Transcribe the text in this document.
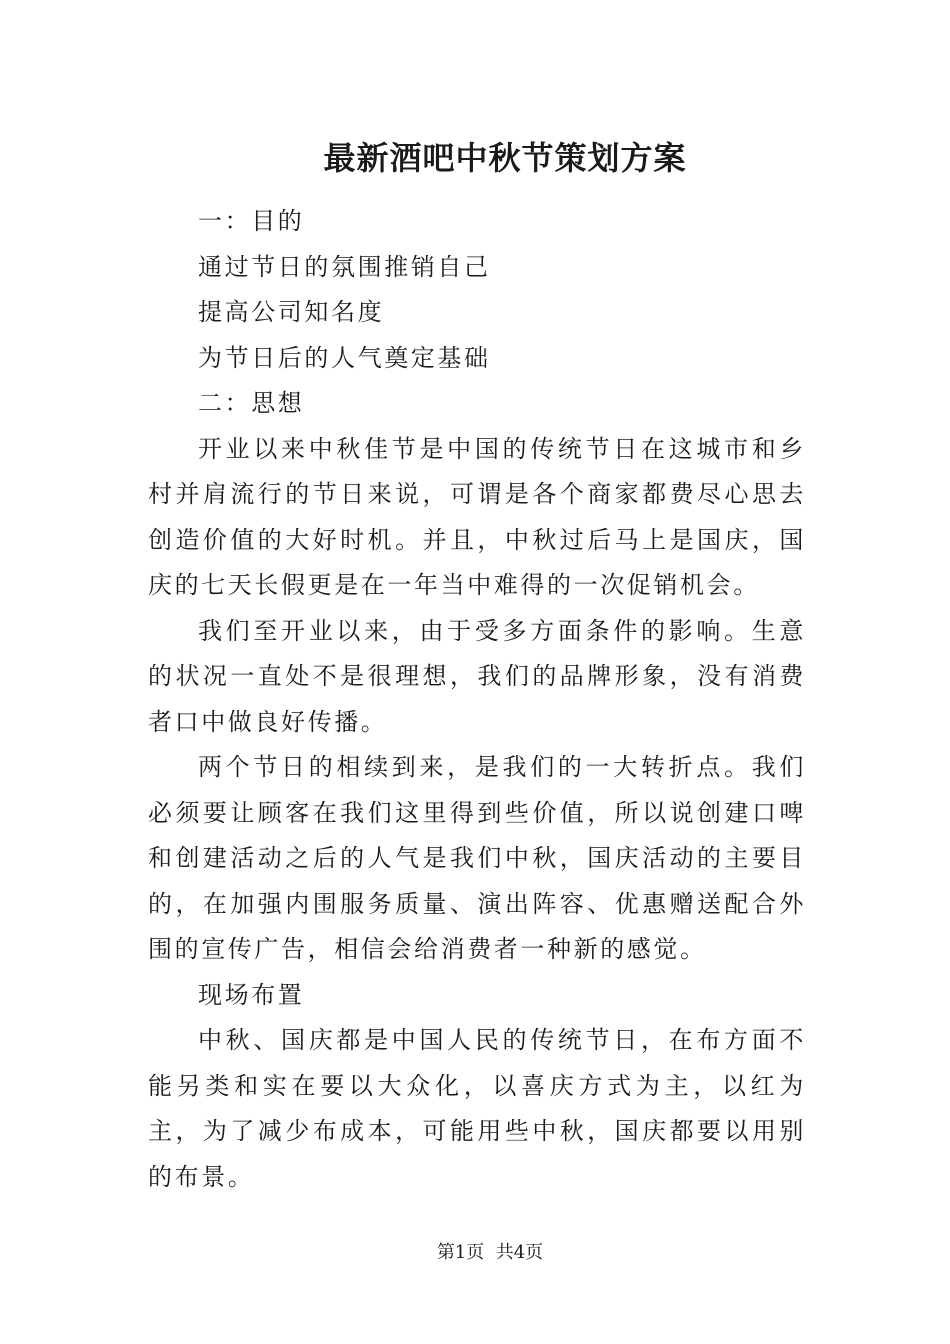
最新酒吧中秋节策划方案

一：目的

通过节日的氛围推销自己

提高公司知名度

为节日后的人气奠定基础

二：思想

开业以来中秋佳节是中国的传统节日在这城市和乡村并肩流行的节日来说，可谓是各个商家都费尽心思去创造价值的大好时机。并且，中秋过后马上是国庆，国庆的七天长假更是在一年当中难得的一次促销机会。

我们至开业以来，由于受多方面条件的影响。生意的状况一直处不是很理想，我们的品牌形象，没有消费者口中做良好传播。

两个节日的相续到来，是我们的一大转折点。我们必须要让顾客在我们这里得到些价值，所以说创建口啤和创建活动之后的人气是我们中秋，国庆活动的主要目的，在加强内围服务质量、演出阵容、优惠赠送配合外围的宣传广告，相信会给消费者一种新的感觉。

现场布置

中秋、国庆都是中国人民的传统节日，在布方面不能另类和实在要以大众化，以喜庆方式为主，以红为主，为了减少布成本，可能用些中秋，国庆都要以用别的布景。

第1页  共4页
